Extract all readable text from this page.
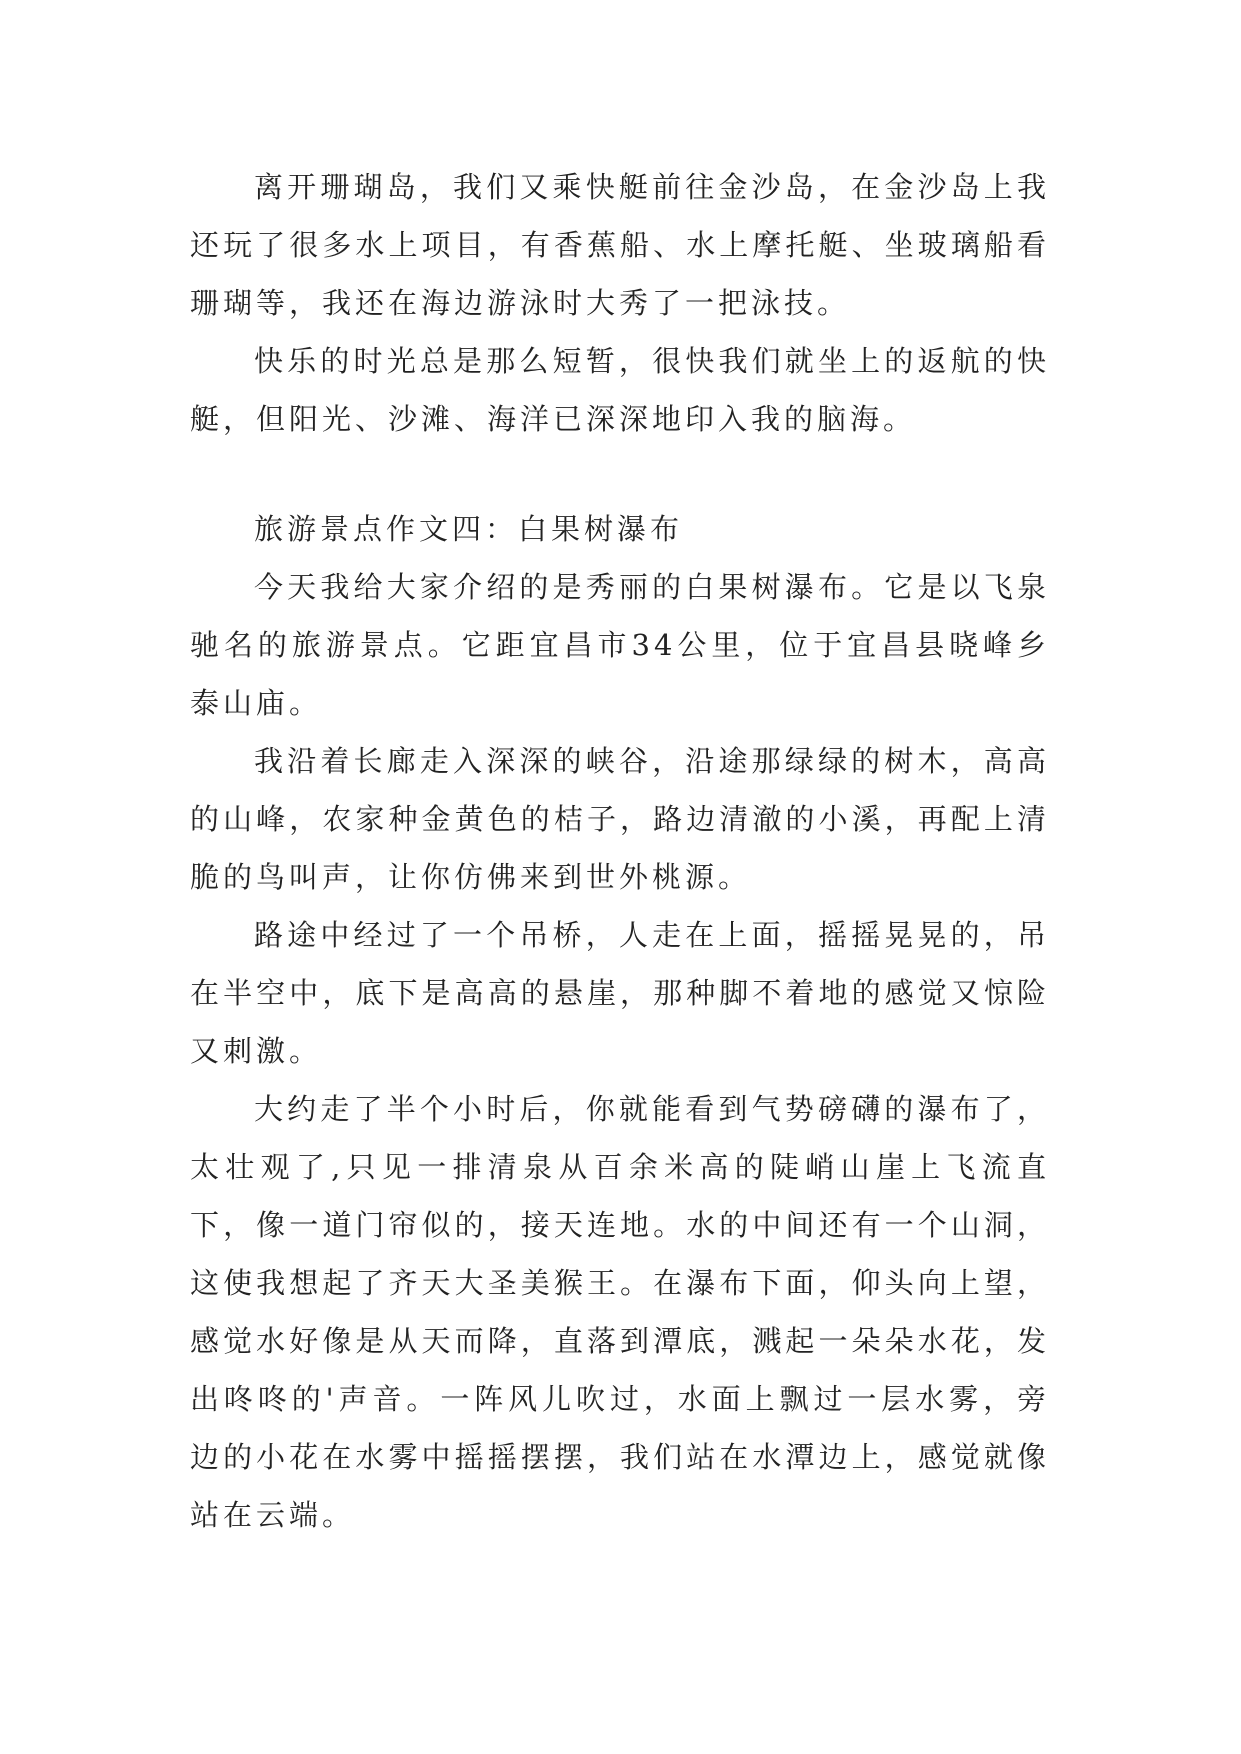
离开珊瑚岛，我们又乘快艇前往金沙岛，在金沙岛上我还玩了很多水上项目，有香蕉船、水上摩托艇、坐玻璃船看珊瑚等，我还在海边游泳时大秀了一把泳技。

快乐的时光总是那么短暂，很快我们就坐上的返航的快艇，但阳光、沙滩、海洋已深深地印入我的脑海。

旅游景点作文四：白果树瀑布

今天我给大家介绍的是秀丽的白果树瀑布。它是以飞泉驰名的旅游景点。它距宜昌市34公里，位于宜昌县晓峰乡泰山庙。

我沿着长廊走入深深的峡谷，沿途那绿绿的树木，高高的山峰，农家种金黄色的桔子，路边清澈的小溪，再配上清脆的鸟叫声，让你仿佛来到世外桃源。

路途中经过了一个吊桥，人走在上面，摇摇晃晃的，吊在半空中，底下是高高的悬崖，那种脚不着地的感觉又惊险又刺激。

大约走了半个小时后，你就能看到气势磅礴的瀑布了，太壮观了,只见一排清泉从百余米高的陡峭山崖上飞流直下，像一道门帘似的，接天连地。水的中间还有一个山洞，这使我想起了齐天大圣美猴王。在瀑布下面，仰头向上望，感觉水好像是从天而降，直落到潭底，溅起一朵朵水花，发出咚咚的'声音。一阵风儿吹过，水面上飘过一层水雾，旁边的小花在水雾中摇摇摆摆，我们站在水潭边上，感觉就像站在云端。
